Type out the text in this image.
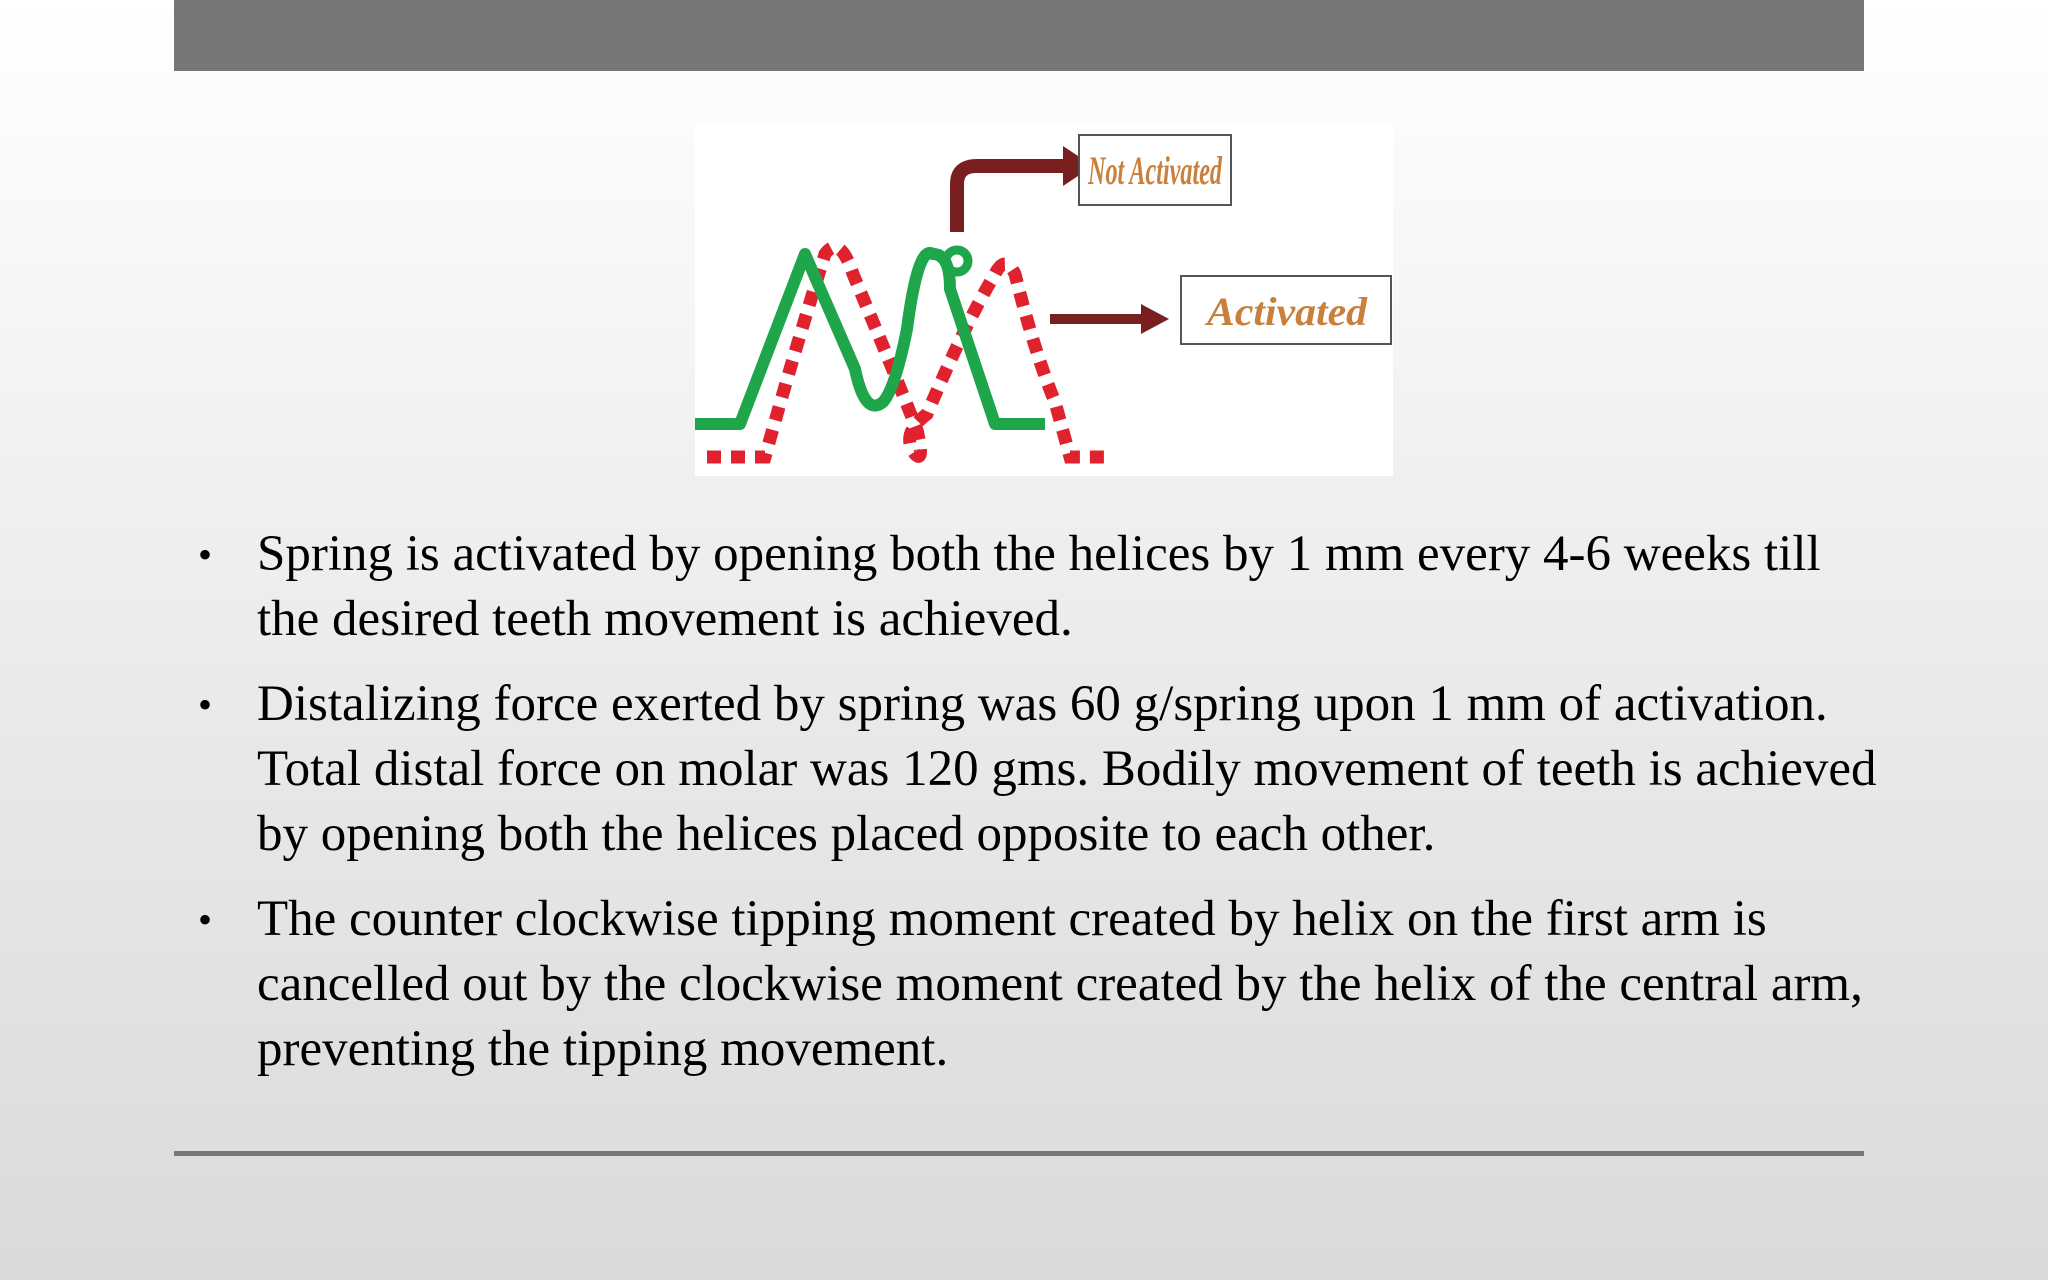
Not Activated
Activated
• Spring is activated by opening both the helices by 1 mm every 4-6 weeks till the desired teeth movement is achieved.
• Distalizing force exerted by spring was 60 g/spring upon 1 mm of activation. Total distal force on molar was 120 gms. Bodily movement of teeth is achieved by opening both the helices placed opposite to each other.
• The counter clockwise tipping moment created by helix on the first arm is cancelled out by the clockwise moment created by the helix of the central arm, preventing the tipping movement.
